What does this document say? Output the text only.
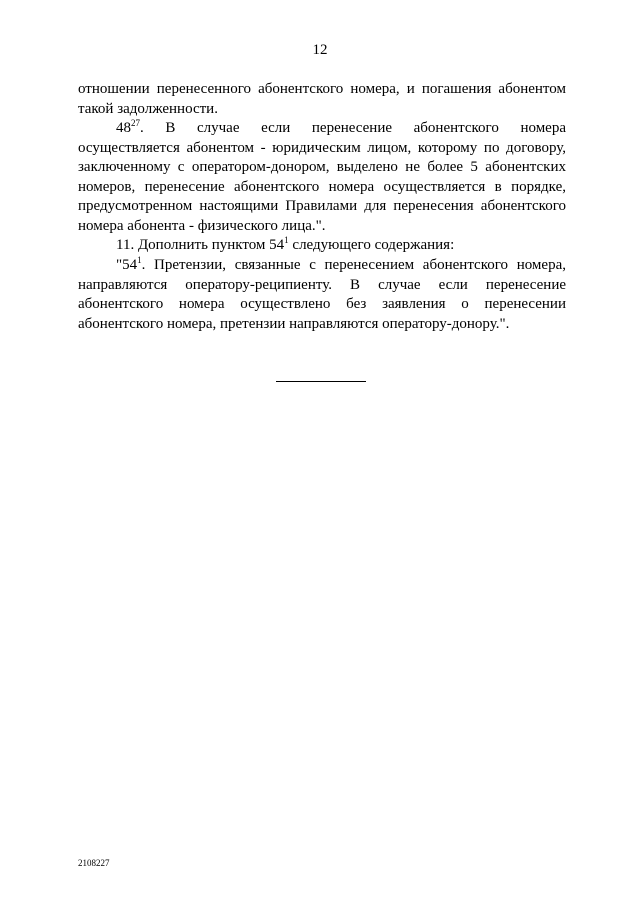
12
отношении перенесенного абонентского номера, и погашения абонентом
такой задолженности.
$48^{27}$. В случае если перенесение абонентского номера
осуществляется абонентом - юридическим лицом, которому по договору,
заключенному с оператором-донором, выделено не более 5 абонентских
номеров, перенесение абонентского номера осуществляется в порядке,
предусмотренном настоящими Правилами для перенесения абонентского
номера абонента - физического лица.".
11. Дополнить пунктом $54^1$ следующего содержания:
"$54^1$. Претензии, связанные с перенесением абонентского номера,
направляются оператору-реципиенту. В случае если перенесение
абонентского номера осуществлено без заявления о перенесении
абонентского номера, претензии направляются оператору-донору.".
2108227
